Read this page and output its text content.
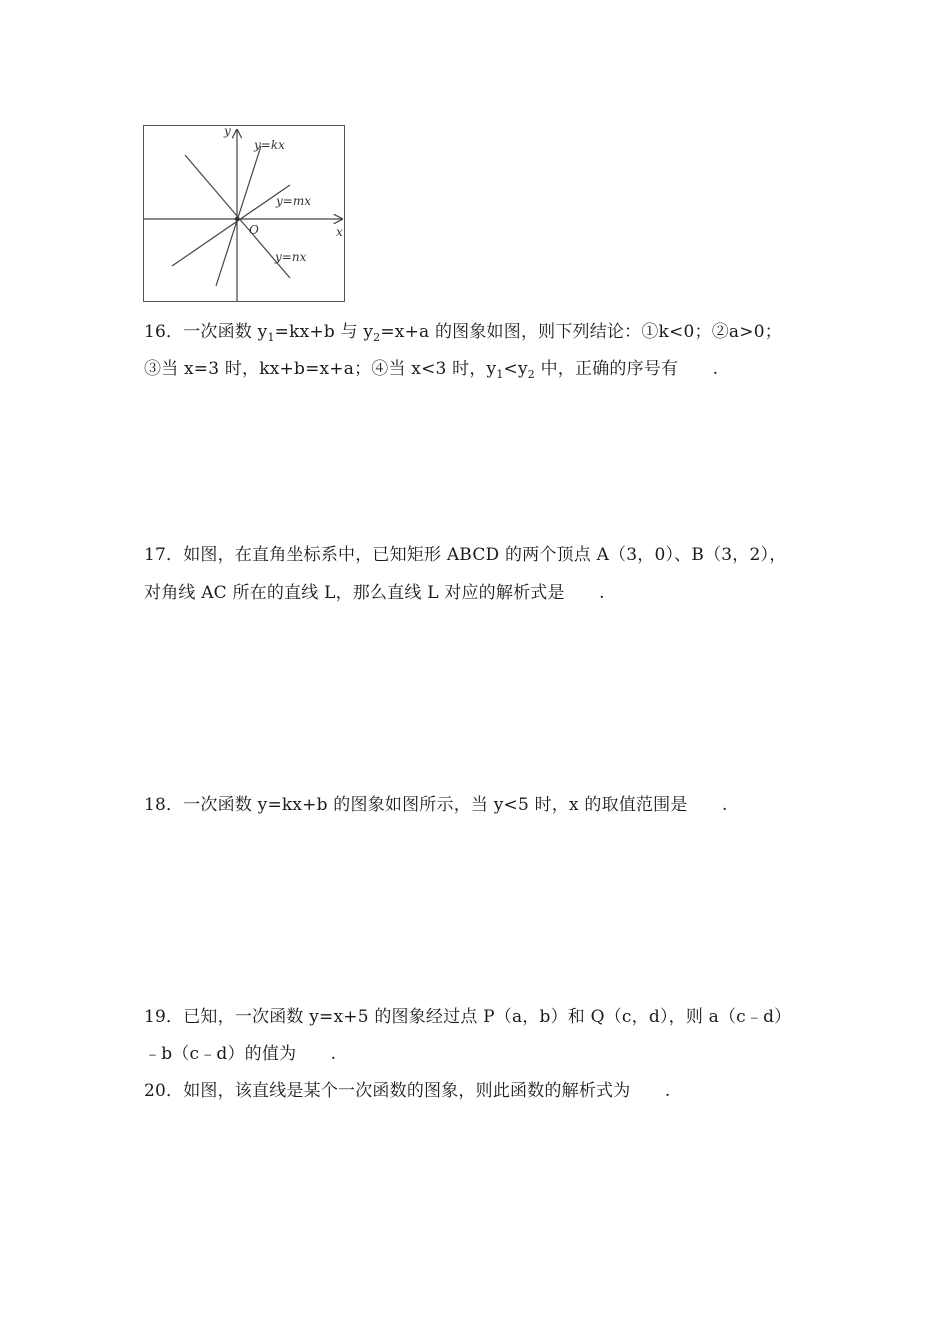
y
x
O
y=kx
y=mx
y=nx
16．一次函数 $y_1=kx+b$ 与 $y_2=x+a$ 的图象如图，则下列结论：①k<0；②a>0；
③当 x=3 时，kx+b=x+a；④当 x<3 时，$y_1<y_2$ 中，正确的序号有　　.
17．如图，在直角坐标系中，已知矩形 ABCD 的两个顶点 A（3，0）、B（3，2），
对角线 AC 所在的直线 L，那么直线 L 对应的解析式是　　.
18．一次函数 y=kx+b 的图象如图所示，当 y<5 时，x 的取值范围是　　.
19．已知，一次函数 y=x+5 的图象经过点 P（a，b）和 Q（c，d），则 a（c﹣d）
﹣b（c﹣d）的值为　　.
20．如图，该直线是某个一次函数的图象，则此函数的解析式为　　.
